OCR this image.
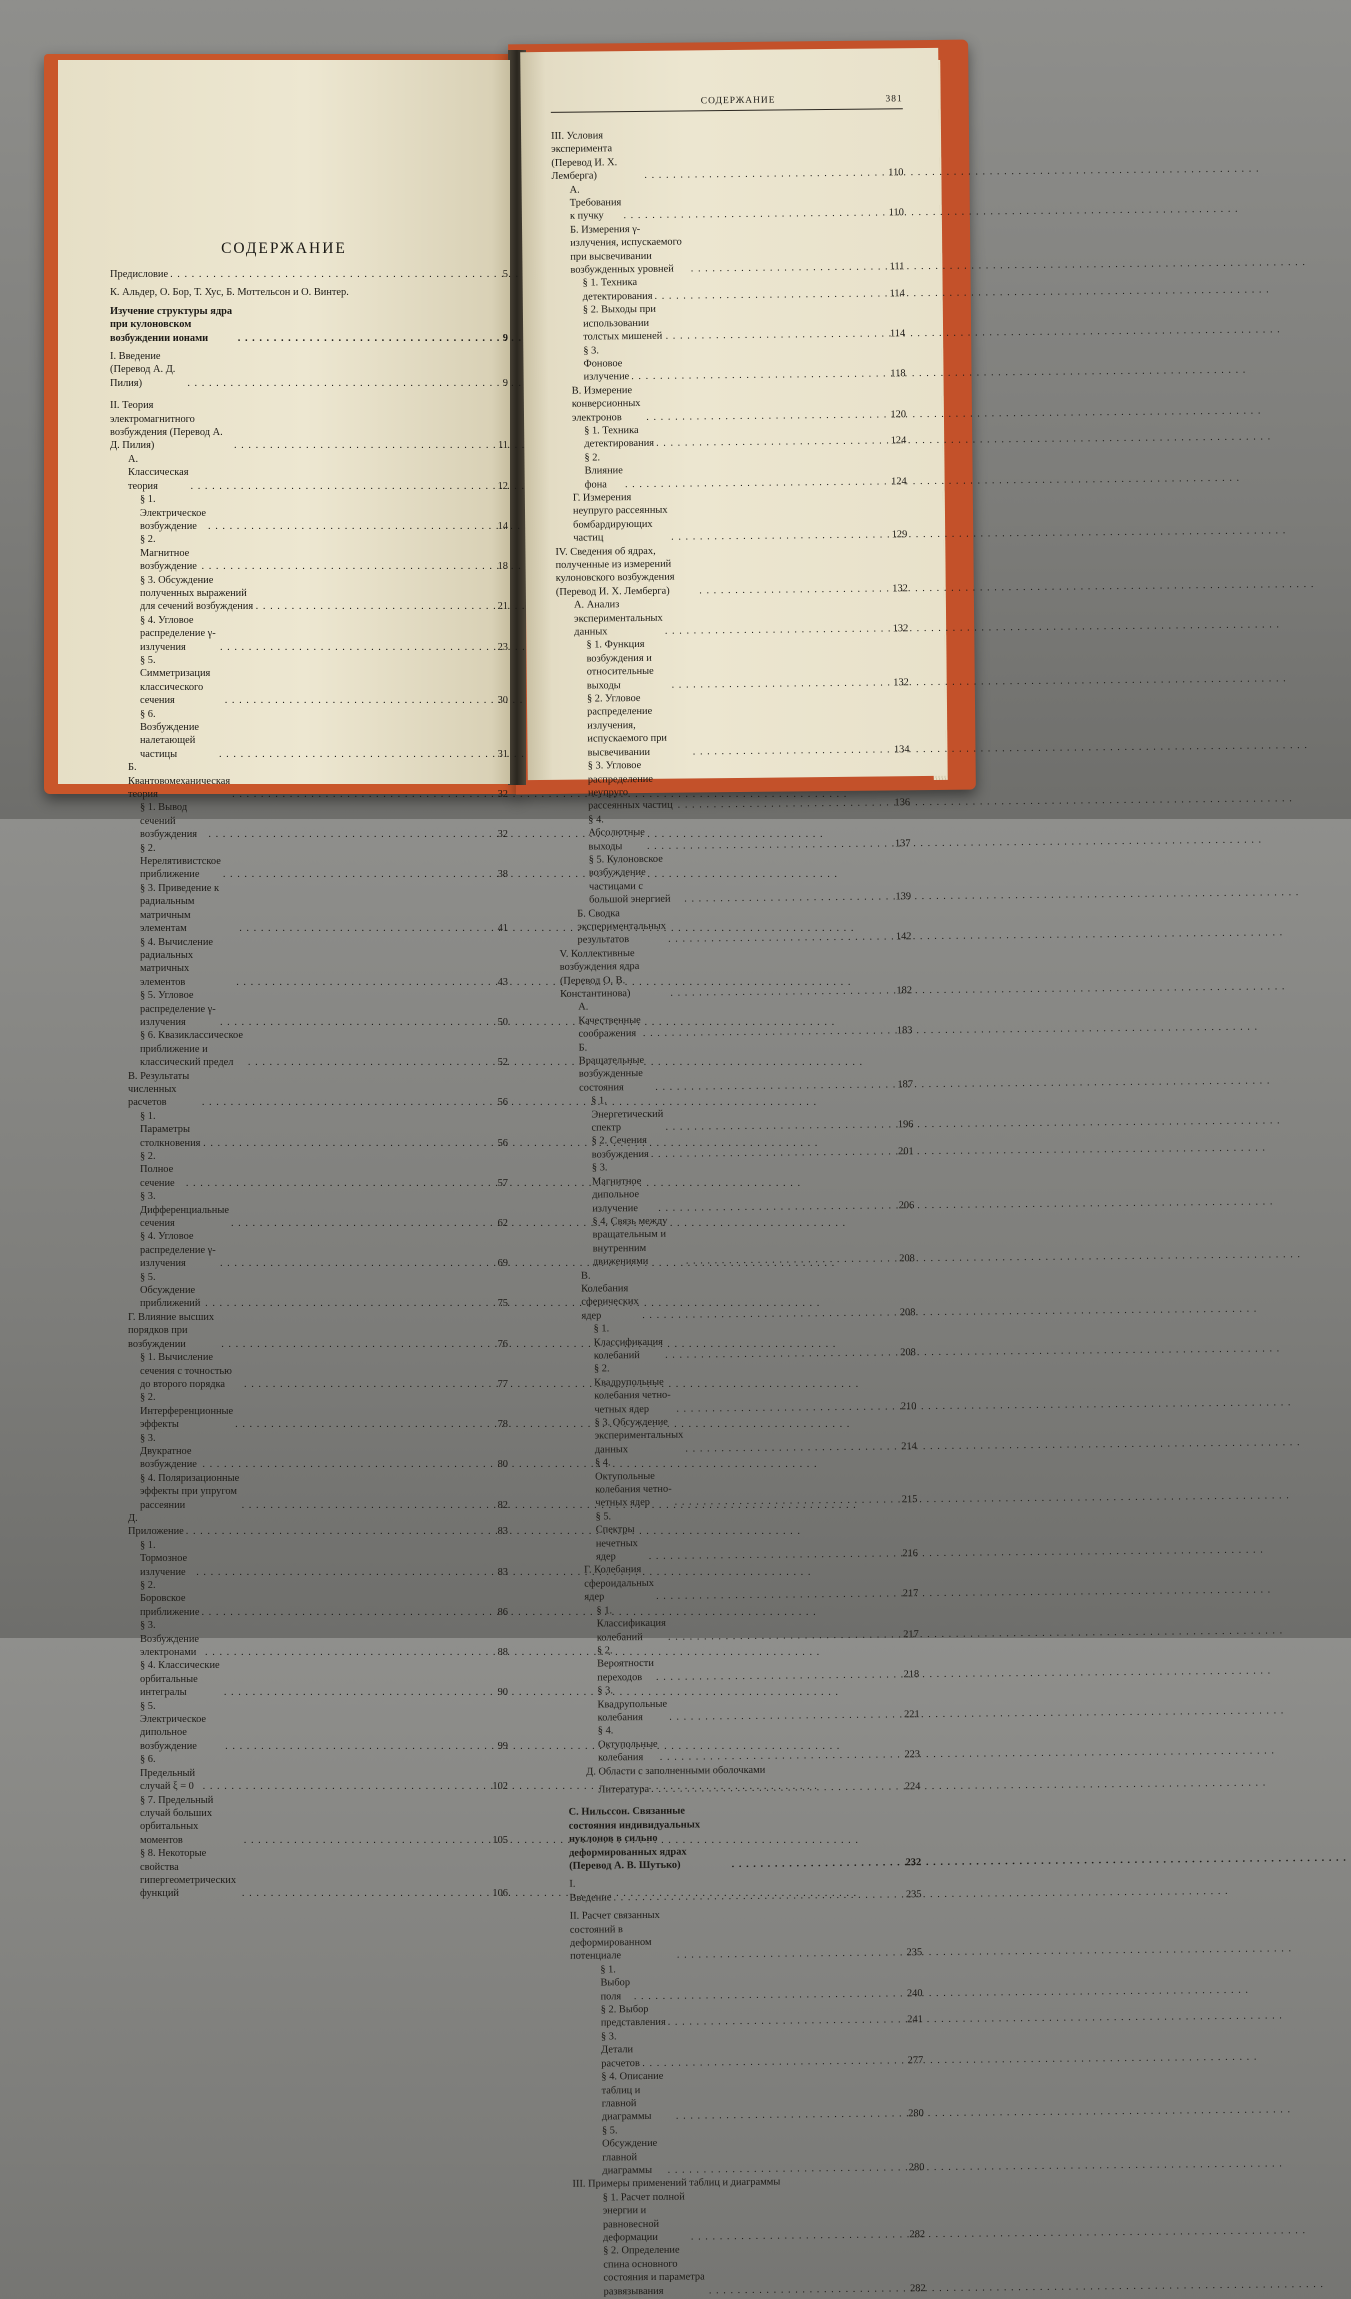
СОДЕРЖАНИЕ
Предисловие . . .	5
К. Альдер, О. Бор, Т. Хус, Б. Моттельсон и О. Винтер.
Изучение структуры ядра при кулоновском возбуждении ионами . . .	9
I. Введение (Перевод А. Д. Пилия) . . .	9
II. Теория электромагнитного возбуждения (Перевод А. Д. Пилия) . . .	11
А. Классическая теория . . .	12
§ 1. Электрическое возбуждение . . .	14
§ 2. Магнитное возбуждение . . .	18
§ 3. Обсуждение полученных выражений для сечений возбуждения . . .	21
§ 4. Угловое распределение γ-излучения . . .	23
§ 5. Симметризация классического сечения . . .	30
§ 6. Возбуждение налетающей частицы . . .	31
Б. Квантовомеханическая теория . . .	32
§ 1. Вывод сечений возбуждения . . .	32
§ 2. Нерелятивистское приближение . . .	38
§ 3. Приведение к радиальным матричным элементам . . .	41
§ 4. Вычисление радиальных матричных элементов . . .	43
§ 5. Угловое распределение γ-излучения . . .	50
§ 6. Квазиклассическое приближение и классический предел . . .	52
В. Результаты численных расчетов . . .	56
§ 1. Параметры столкновения . . .	56
§ 2. Полное сечение . . .	57
§ 3. Дифференциальные сечения . . .	62
§ 4. Угловое распределение γ-излучения . . .	69
§ 5. Обсуждение приближений . . .	75
Г. Влияние высших порядков при возбуждении . . .	76
§ 1. Вычисление сечения с точностью до второго порядка . . .	77
§ 2. Интерференционные эффекты . . .	78
§ 3. Двукратное возбуждение . . .	80
§ 4. Поляризационные эффекты при упругом рассеянии . . .	82
Д. Приложение . . .	83
§ 1. Тормозное излучение . . .	83
§ 2. Боровское приближение . . .	86
§ 3. Возбуждение электронами . . .	88
§ 4. Классические орбитальные интегралы . . .	90
§ 5. Электрическое дипольное возбуждение . . .	99
§ 6. Предельный случай ξ = 0 . . .	102
§ 7. Предельный случай больших орбитальных моментов . . .	105
§ 8. Некоторые свойства гипергеометрических функций . . .	106
СОДЕРЖАНИЕ	381
III. Условия эксперимента (Перевод И. Х. Лемберга) . . .	110
А. Требования к пучку . . .	110
Б. Измерения γ-излучения, испускаемого при высвечивании возбужденных уровней . . .	111
§ 1. Техника детектирования . . .	114
§ 2. Выходы при использовании толстых мишеней . . .	114
§ 3. Фоновое излучение . . .	118
В. Измерение конверсионных электронов . . .	120
§ 1. Техника детектирования . . .	124
§ 2. Влияние фона . . .	124
Г. Измерения неупруго рассеянных бомбардирующих частиц . . .	129
IV. Сведения об ядрах, полученные из измерений кулоновского возбуждения (Перевод И. Х. Лемберга) . . .	132
А. Анализ экспериментальных данных . . .	132
§ 1. Функция возбуждения и относительные выходы . . .	132
§ 2. Угловое распределение излучения, испускаемого при высвечивании . . .	134
§ 3. Угловое распределение неупруго рассеянных частиц . . .	136
§ 4. Абсолютные выходы . . .	137
§ 5. Кулоновское возбуждение частицами с большой энергией . . .	139
Б. Сводка экспериментальных результатов . . .	142
V. Коллективные возбуждения ядра (Перевод О. В. Константинова) . . .	182
А. Качественные соображения . . .	183
Б. Вращательные возбужденные состояния . . .	187
§ 1. Энергетический спектр . . .	196
§ 2. Сечения возбуждения . . .	201
§ 3. Магнитное дипольное излучение . . .	206
§ 4. Связь между вращательным и внутренним движениями . . .	208
В. Колебания сферических ядер . . .	208
§ 1. Классификация колебаний . . .	208
§ 2. Квадрупольные колебания четно-четных ядер . . .	210
§ 3. Обсуждение экспериментальных данных . . .	214
§ 4. Октупольные колебания четно-четных ядер . . .	215
§ 5. Спектры нечетных ядер . . .	216
Г. Колебания сфероидальных ядер . . .	217
§ 1. Классификация колебаний . . .	217
§ 2. Вероятности переходов . . .	218
§ 3. Квадрупольные колебания . . .	221
§ 4. Октупольные колебания . . .	223
Д. Области с заполненными оболочками
Литература . . .	224
С. Нильссон. Связанные состояния индивидуальных нуклонов в сильно деформированных ядрах (Перевод А. В. Шутько) . . .	232
I. Введение . . .	235
II. Расчет связанных состояний в деформированном потенциале . . .	235
§ 1. Выбор поля . . .	240
§ 2. Выбор представления . . .	241
§ 3. Детали расчетов . . .	277
§ 4. Описание таблиц и главной диаграммы . . .	280
§ 5. Обсуждение главной диаграммы . . .	280
III. Примеры применений таблиц и диаграммы
§ 1. Расчет полной энергии и равновесной деформации . . .	282
§ 2. Определение спина основного состояния и параметра развязывания . . .	282
